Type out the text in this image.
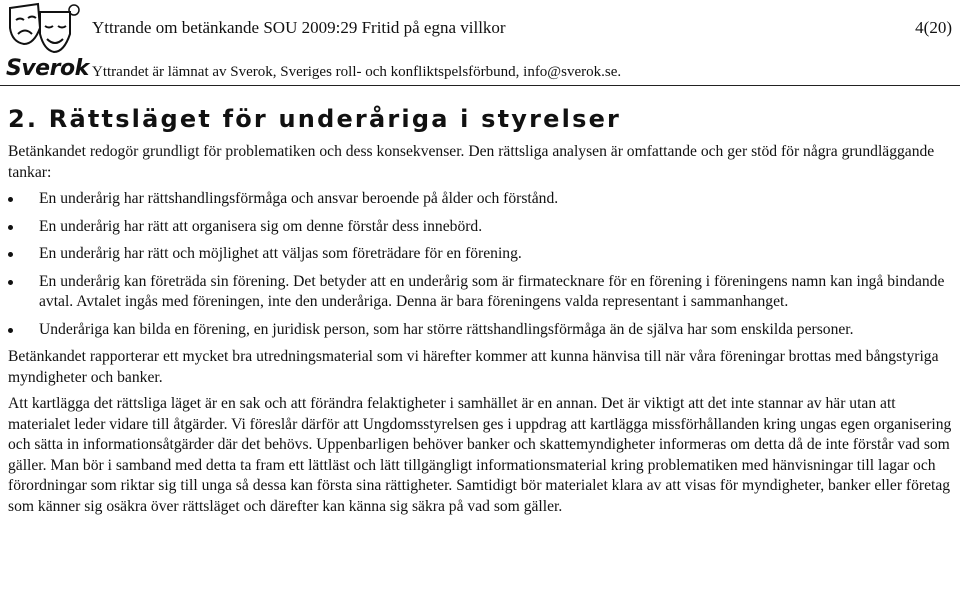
Sverok
Yttrande om betänkande SOU 2009:29 Fritid på egna villkor	4(20)
Yttrandet är lämnat av Sverok, Sveriges roll- och konfliktspelsförbund, info@sverok.se.
2. Rättsläget för underåriga i styrelser

Betänkandet redogör grundligt för problematiken och dess konsekvenser. Den rättsliga analysen är omfattande och ger stöd för några grundläggande tankar:

En underårig har rättshandlingsförmåga och ansvar beroende på ålder och förstånd.
En underårig har rätt att organisera sig om denne förstår dess innebörd.
En underårig har rätt och möjlighet att väljas som företrädare för en förening.
En underårig kan företräda sin förening. Det betyder att en underårig som är firmatecknare för en förening i föreningens namn kan ingå bindande avtal. Avtalet ingås med föreningen, inte den underåriga. Denna är bara föreningens valda representant i sammanhanget.
Underåriga kan bilda en förening, en juridisk person, som har större rättshandlingsförmåga än de själva har som enskilda personer.

Betänkandet rapporterar ett mycket bra utredningsmaterial som vi härefter kommer att kunna hänvisa till när våra föreningar brottas med bångstyriga myndigheter och banker.

Att kartlägga det rättsliga läget är en sak och att förändra felaktigheter i samhället är en annan. Det är viktigt att det inte stannar av här utan att materialet leder vidare till åtgärder. Vi föreslår därför att Ungdomsstyrelsen ges i uppdrag att kartlägga missförhållanden kring ungas egen organisering och sätta in informationsåtgärder där det behövs. Uppenbarligen behöver banker och skattemyndigheter informeras om detta då de inte förstår vad som gäller. Man bör i samband med detta ta fram ett lättläst och lätt tillgängligt informationsmaterial kring problematiken med hänvisningar till lagar och förordningar som riktar sig till unga så dessa kan första sina rättigheter. Samtidigt bör materialet klara av att visas för myndigheter, banker eller företag som känner sig osäkra över rättsläget och därefter kan känna sig säkra på vad som gäller.
